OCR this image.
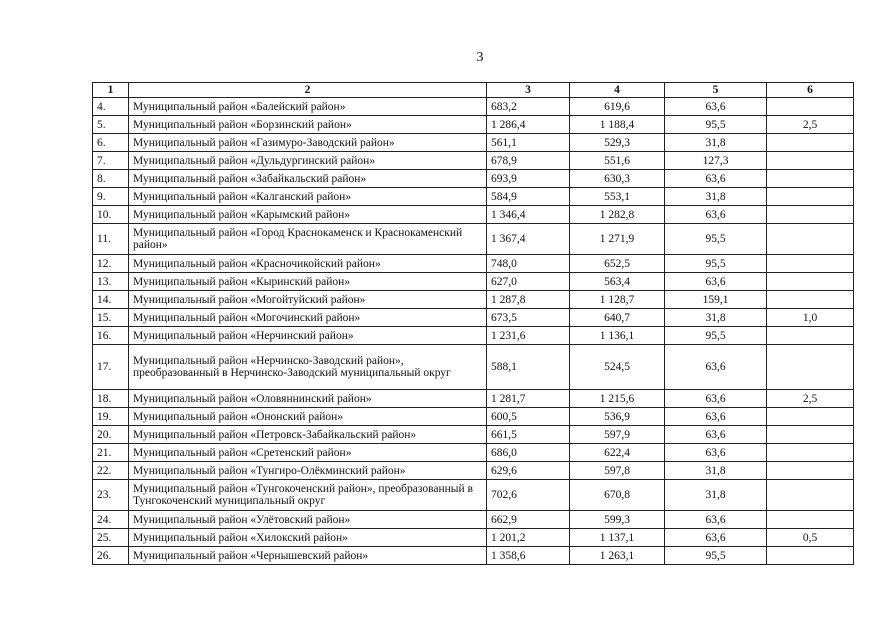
3
1	2	3	4	5	6
4.	Муниципальный район «Балейский район»	683,2	619,6	63,6	
5.	Муниципальный район «Борзинский район»	1 286,4	1 188,4	95,5	2,5
6.	Муниципальный район «Газимуро-Заводский район»	561,1	529,3	31,8	
7.	Муниципальный район «Дульдургинский район»	678,9	551,6	127,3	
8.	Муниципальный район «Забайкальский район»	693,9	630,3	63,6	
9.	Муниципальный район «Калганский район»	584,9	553,1	31,8	
10.	Муниципальный район «Карымский район»	1 346,4	1 282,8	63,6	
11.	Муниципальный район «Город Краснокаменск и Краснокаменский район»	1 367,4	1 271,9	95,5	
12.	Муниципальный район «Красночикойский район»	748,0	652,5	95,5	
13.	Муниципальный район «Кыринский район»	627,0	563,4	63,6	
14.	Муниципальный район «Могойтуйский район»	1 287,8	1 128,7	159,1	
15.	Муниципальный район «Могочинский район»	673,5	640,7	31,8	1,0
16.	Муниципальный район «Нерчинский район»	1 231,6	1 136,1	95,5	
17.	Муниципальный район «Нерчинско-Заводский район», преобразованный в Нерчинско-Заводский муниципальный округ	588,1	524,5	63,6	
18.	Муниципальный район «Оловяннинский район»	1 281,7	1 215,6	63,6	2,5
19.	Муниципальный район «Ононский район»	600,5	536,9	63,6	
20.	Муниципальный район «Петровск-Забайкальский район»	661,5	597,9	63,6	
21.	Муниципальный район «Сретенский район»	686,0	622,4	63,6	
22.	Муниципальный район «Тунгиро-Олёкминский район»	629,6	597,8	31,8	
23.	Муниципальный район «Тунгокоченский район», преобразованный в Тунгокоченский муниципальный округ	702,6	670,8	31,8	
24.	Муниципальный район «Улётовский район»	662,9	599,3	63,6	
25.	Муниципальный район «Хилокский район»	1 201,2	1 137,1	63,6	0,5
26.	Муниципальный район «Чернышевский район»	1 358,6	1 263,1	95,5	
